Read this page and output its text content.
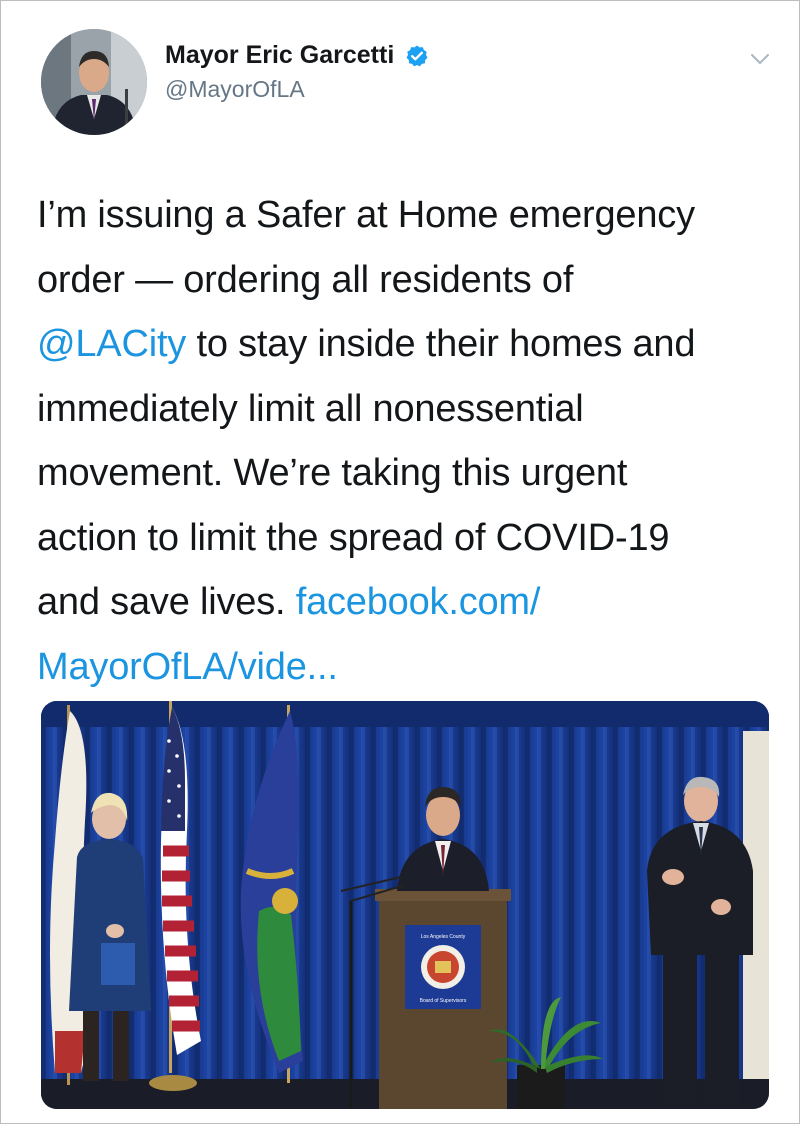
Mayor Eric Garcetti
@MayorOfLA
I’m issuing a Safer at Home emergency
order — ordering all residents of
@LACity to stay inside their homes and
immediately limit all nonessential
movement. We’re taking this urgent
action to limit the spread of COVID-19
and save lives. facebook.com/
MayorOfLA/vide...
Los Angeles County
Board of Supervisors
